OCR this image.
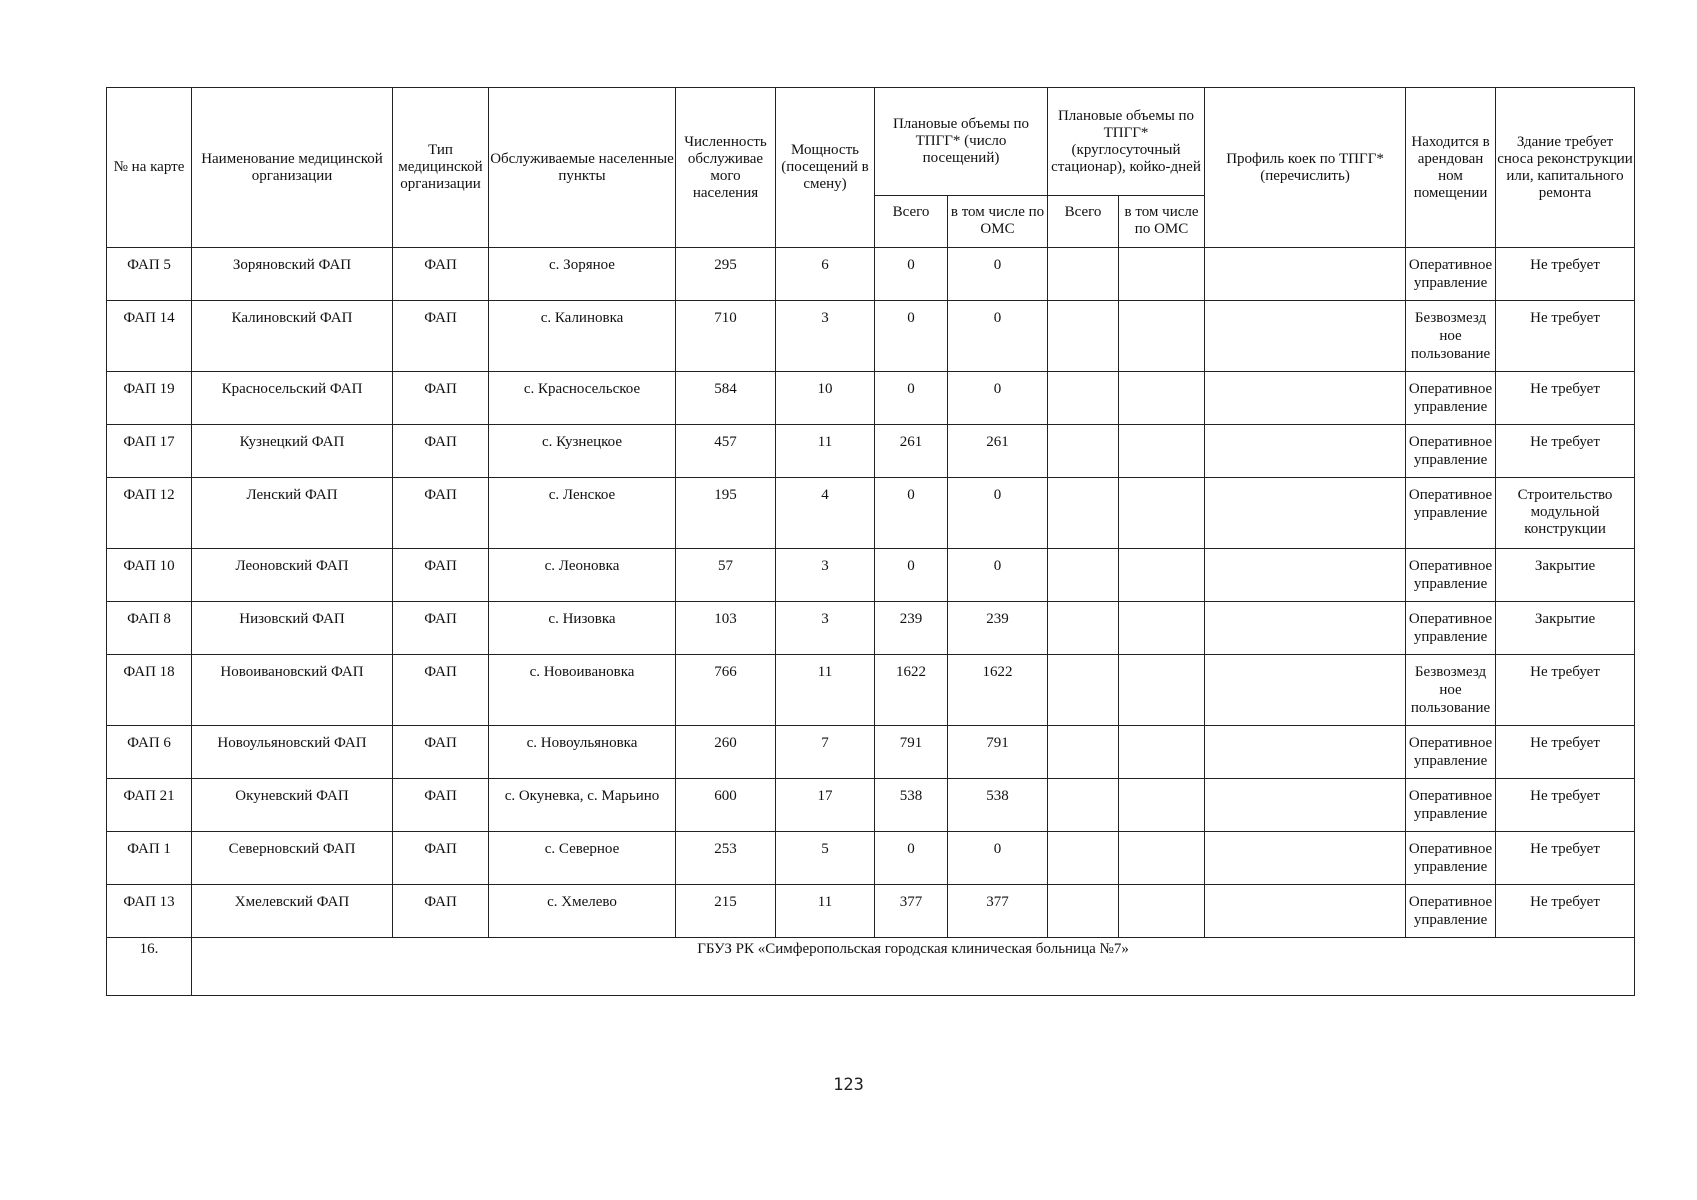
№ на карте	Наименование медицинской организации	Тип медицинской организации	Обслуживаемые населенные пункты	Численность обслуживае мого населения	Мощность (посещений в смену)	Плановые объемы по ТПГГ* (число посещений)		Плановые объемы по ТПГГ* (круглосуточный стационар), койко-дней		Профиль коек по ТПГГ* (перечислить)	Находится в арендован ном помещении	Здание требует сноса реконструкции или, капитального ремонта
						Всего	в том числе по ОМС	Всего	в том числе по ОМС			
ФАП 5	Зоряновский ФАП	ФАП	с. Зоряное	295	6	0	0				Оперативное управление	Не требует
ФАП 14	Калиновский ФАП	ФАП	с. Калиновка	710	3	0	0				Безвозмезд ное пользование	Не требует
ФАП 19	Красносельский ФАП	ФАП	с. Красносельское	584	10	0	0				Оперативное управление	Не требует
ФАП 17	Кузнецкий ФАП	ФАП	с. Кузнецкое	457	11	261	261				Оперативное управление	Не требует
ФАП 12	Ленский ФАП	ФАП	с. Ленское	195	4	0	0				Оперативное управление	Строительство модульной конструкции
ФАП 10	Леоновский ФАП	ФАП	с. Леоновка	57	3	0	0				Оперативное управление	Закрытие
ФАП 8	Низовский ФАП	ФАП	с. Низовка	103	3	239	239				Оперативное управление	Закрытие
ФАП 18	Новоивановский ФАП	ФАП	с. Новоивановка	766	11	1622	1622				Безвозмезд ное пользование	Не требует
ФАП 6	Новоульяновский ФАП	ФАП	с. Новоульяновка	260	7	791	791				Оперативное управление	Не требует
ФАП 21	Окуневский ФАП	ФАП	с. Окуневка, с. Марьино	600	17	538	538				Оперативное управление	Не требует
ФАП 1	Северновский ФАП	ФАП	с. Северное	253	5	0	0				Оперативное управление	Не требует
ФАП 13	Хмелевский ФАП	ФАП	с. Хмелево	215	11	377	377				Оперативное управление	Не требует
16.	ГБУЗ РК «Симферопольская городская клиническая больница №7»											
123
